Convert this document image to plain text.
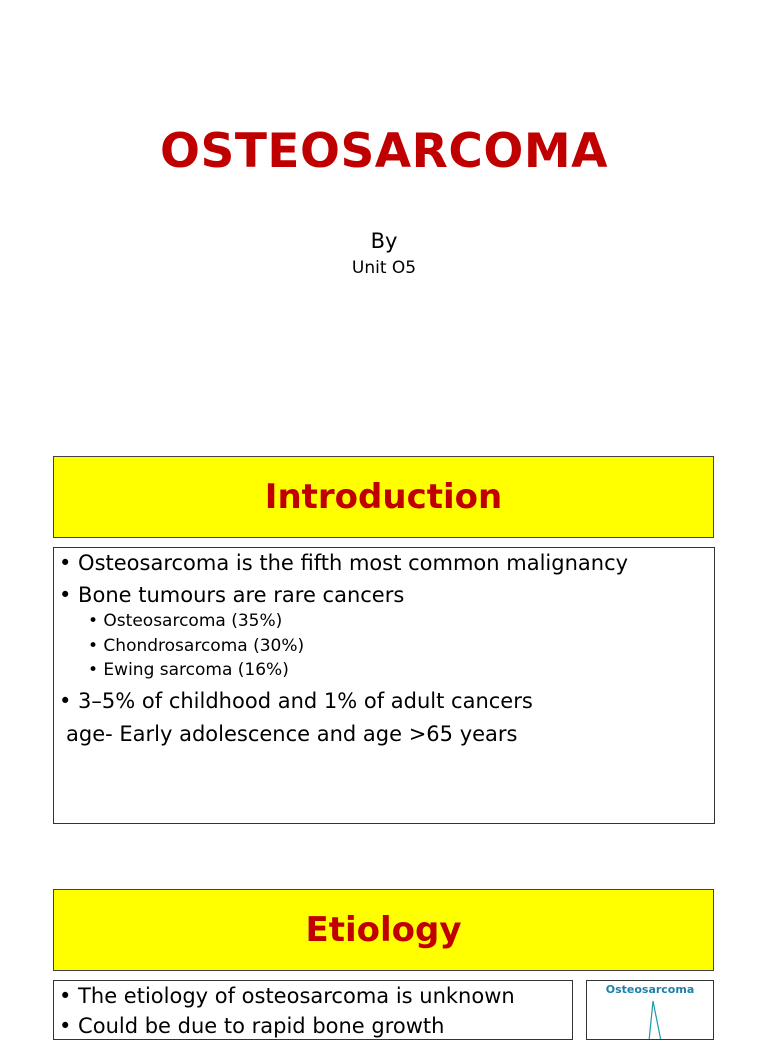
OSTEOSARCOMA
By
Unit O5
Introduction
• Osteosarcoma is the fifth most common malignancy
• Bone tumours are rare cancers
• Osteosarcoma (35%)
• Chondrosarcoma (30%)
• Ewing sarcoma (16%)
• 3–5% of childhood and 1% of adult cancers
age- Early adolescence and age >65 years
Etiology
• The etiology of osteosarcoma is unknown
• Could be due to rapid bone growth
Osteosarcoma
